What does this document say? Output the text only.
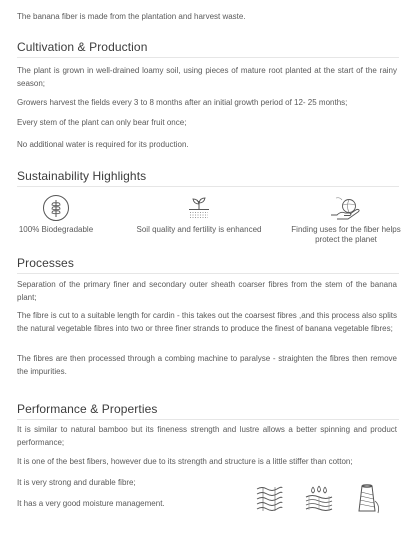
The banana fiber is made from the plantation and harvest waste.

Cultivation & Production

The plant is grown in well-drained loamy soil, using pieces of mature root planted at the start of the rainy season;

Growers harvest the fields every 3 to 8 months after an initial growth period of 12- 25 months;

Every stem of the plant can only bear fruit once;

No additional water is required for its production.

Sustainability Highlights
100% Biodegradable	Soil quality and fertility is enhanced	Finding uses for the fiber helps protect the planet
Processes

Separation of the primary finer and secondary outer sheath coarser fibres from the stem of the banana plant;

The fibre is cut to a suitable length for cardin - this takes out the coarsest fibres ,and this process also splits the natural vegetable fibres into two or three finer strands to produce the finest of banana vegetable fibres;

The fibres are then processed through a combing machine to paralyse - straighten the fibres then remove the impurities.

Performance & Properties

It is similar to natural bamboo but its fineness strength and lustre allows a better spinning and product performance;

It is one of the best fibers, however due to its strength and structure is a little stiffer than cotton;

It is very strong and durable fibre;

It has a very good moisture management.
